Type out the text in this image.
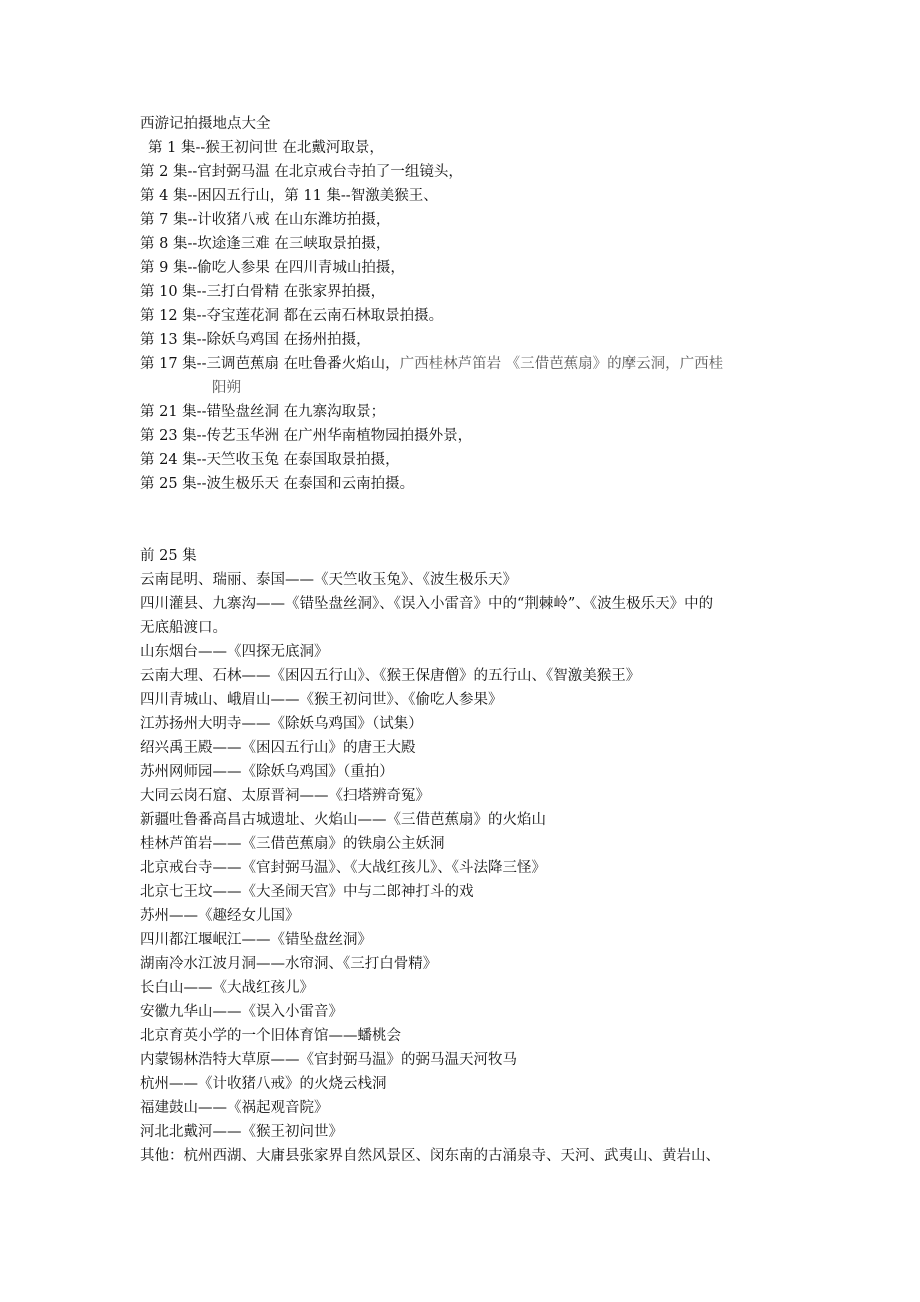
西游记拍摄地点大全
第 1 集--猴王初问世 在北戴河取景，
第 2 集--官封弼马温 在北京戒台寺拍了一组镜头，
第 4 集--困囚五行山，第 11 集--智激美猴王、
第 7 集--计收猪八戒 在山东潍坊拍摄，
第 8 集--坎途逢三难 在三峡取景拍摄，
第 9 集--偷吃人参果 在四川青城山拍摄，
第 10 集--三打白骨精 在张家界拍摄，
第 12 集--夺宝莲花洞 都在云南石林取景拍摄。
第 13 集--除妖乌鸡国 在扬州拍摄，
第 17 集--三调芭蕉扇 在吐鲁番火焰山，广西桂林芦笛岩 《三借芭蕉扇》的摩云洞，广西桂
阳朔
第 21 集--错坠盘丝洞 在九寨沟取景；
第 23 集--传艺玉华洲 在广州华南植物园拍摄外景，
第 24 集--天竺收玉兔 在泰国取景拍摄，
第 25 集--波生极乐天 在泰国和云南拍摄。
前 25 集
云南昆明、瑞丽、泰国——《天竺收玉兔》、《波生极乐天》
四川灌县、九寨沟——《错坠盘丝洞》、《误入小雷音》中的“荆棘岭”、《波生极乐天》中的
无底船渡口。
山东烟台——《四探无底洞》
云南大理、石林——《困囚五行山》、《猴王保唐僧》的五行山、《智激美猴王》
四川青城山、峨眉山——《猴王初问世》、《偷吃人参果》
江苏扬州大明寺——《除妖乌鸡国》（试集）
绍兴禹王殿——《困囚五行山》的唐王大殿
苏州网师园——《除妖乌鸡国》（重拍）
大同云岗石窟、太原晋祠——《扫塔辨奇冤》
新疆吐鲁番高昌古城遗址、火焰山——《三借芭蕉扇》的火焰山
桂林芦笛岩——《三借芭蕉扇》的铁扇公主妖洞
北京戒台寺——《官封弼马温》、《大战红孩儿》、《斗法降三怪》
北京七王坟——《大圣闹天宫》中与二郎神打斗的戏
苏州——《趣经女儿国》
四川都江堰岷江——《错坠盘丝洞》
湖南冷水江波月洞——水帘洞、《三打白骨精》
长白山——《大战红孩儿》
安徽九华山——《误入小雷音》
北京育英小学的一个旧体育馆——蟠桃会
内蒙锡林浩特大草原——《官封弼马温》的弼马温天河牧马
杭州——《计收猪八戒》的火烧云栈洞
福建鼓山——《祸起观音院》
河北北戴河——《猴王初问世》
其他：杭州西湖、大庸县张家界自然风景区、闵东南的古涌泉寺、天河、武夷山、黄岩山、
